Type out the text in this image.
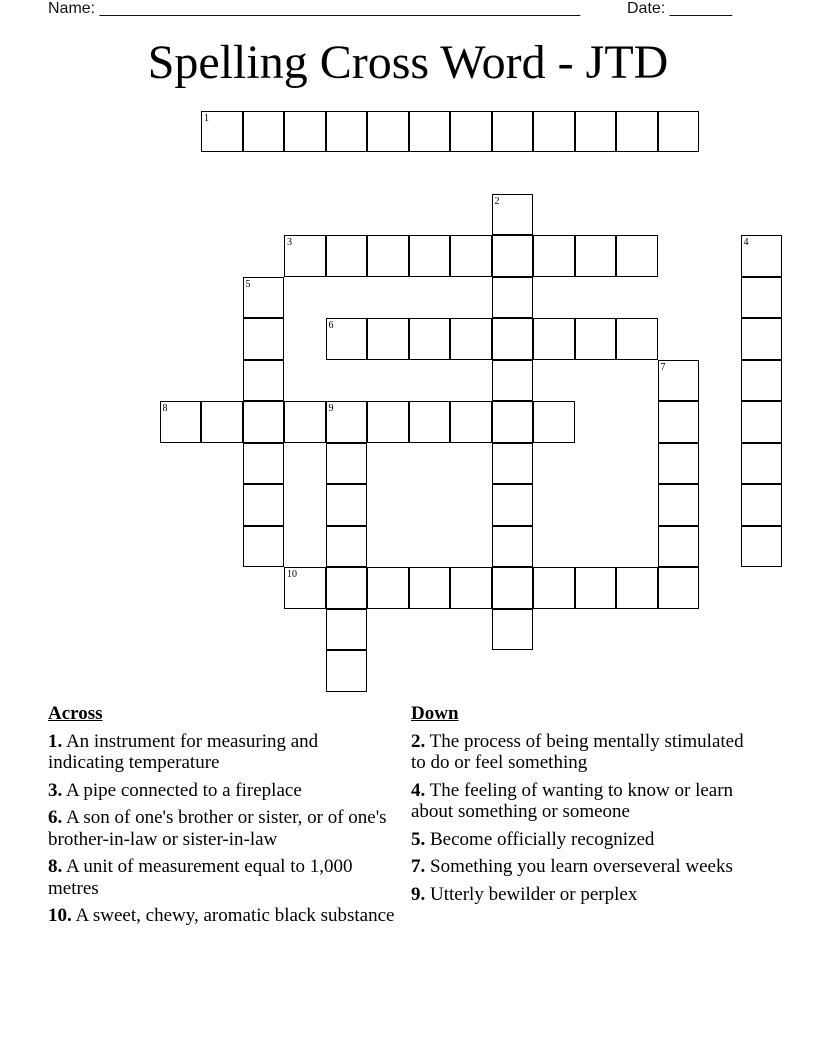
Name: ______________________________________________________	Date: _______
Spelling Cross Word - JTD
1
2
3	4
5
6
7
8	9
10
Across
1. An instrument for measuring and indicating temperature
3. A pipe connected to a fireplace
6. A son of one's brother or sister, or of one's brother-in-law or sister-in-law
8. A unit of measurement equal to 1,000 metres
10. A sweet, chewy, aromatic black substance
Down
2. The process of being mentally stimulated to do or feel something
4. The feeling of wanting to know or learn about something or someone
5. Become officially recognized
7. Something you learn overseveral weeks
9. Utterly bewilder or perplex
